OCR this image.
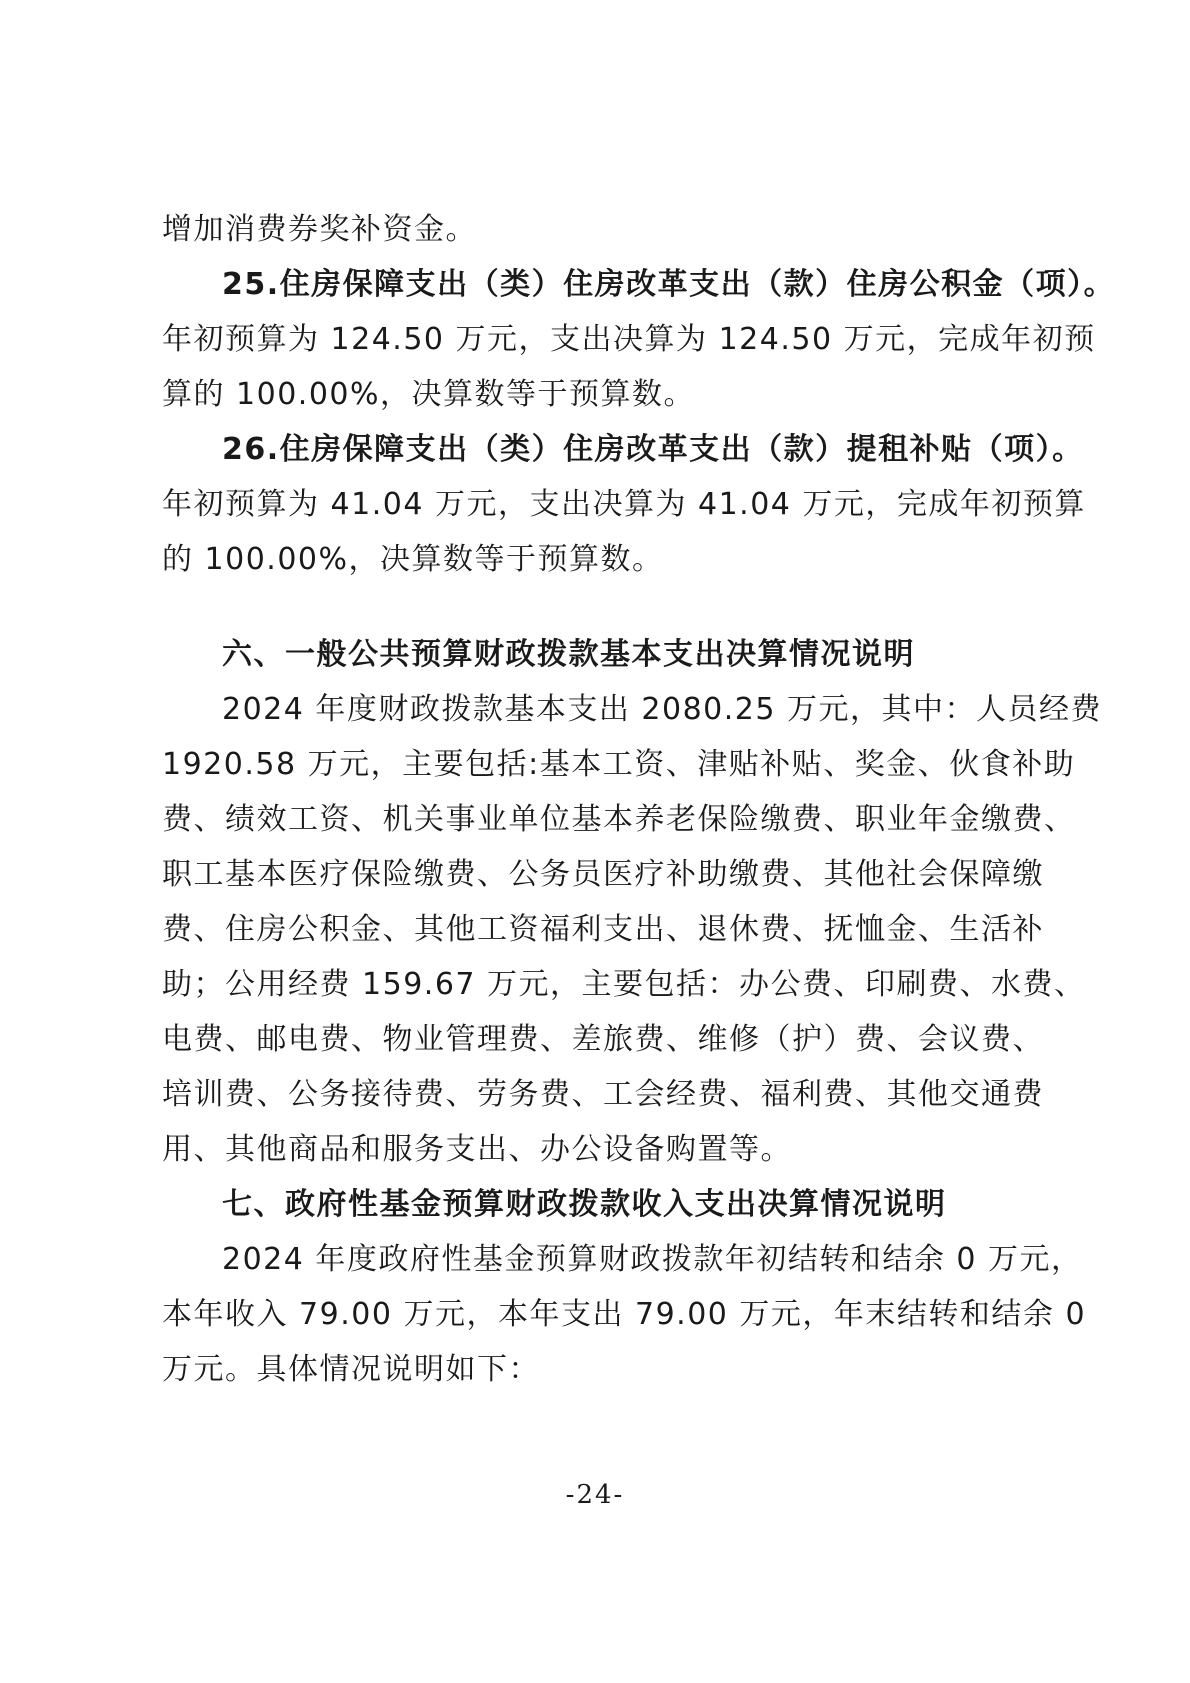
增加消费券奖补资金。
25.住房保障支出（类）住房改革支出（款）住房公积金（项）。
年初预算为 124.50 万元，支出决算为 124.50 万元，完成年初预
算的 100.00%，决算数等于预算数。
26.住房保障支出（类）住房改革支出（款）提租补贴（项）。
年初预算为 41.04 万元，支出决算为 41.04 万元，完成年初预算
的 100.00%，决算数等于预算数。
六、一般公共预算财政拨款基本支出决算情况说明
2024 年度财政拨款基本支出 2080.25 万元，其中：人员经费
1920.58 万元，主要包括:基本工资、津贴补贴、奖金、伙食补助
费、绩效工资、机关事业单位基本养老保险缴费、职业年金缴费、
职工基本医疗保险缴费、公务员医疗补助缴费、其他社会保障缴
费、住房公积金、其他工资福利支出、退休费、抚恤金、生活补
助；公用经费 159.67 万元，主要包括：办公费、印刷费、水费、
电费、邮电费、物业管理费、差旅费、维修（护）费、会议费、
培训费、公务接待费、劳务费、工会经费、福利费、其他交通费
用、其他商品和服务支出、办公设备购置等。
七、政府性基金预算财政拨款收入支出决算情况说明
2024 年度政府性基金预算财政拨款年初结转和结余 0 万元，
本年收入 79.00 万元，本年支出 79.00 万元，年末结转和结余 0
万元。具体情况说明如下：
-24-
